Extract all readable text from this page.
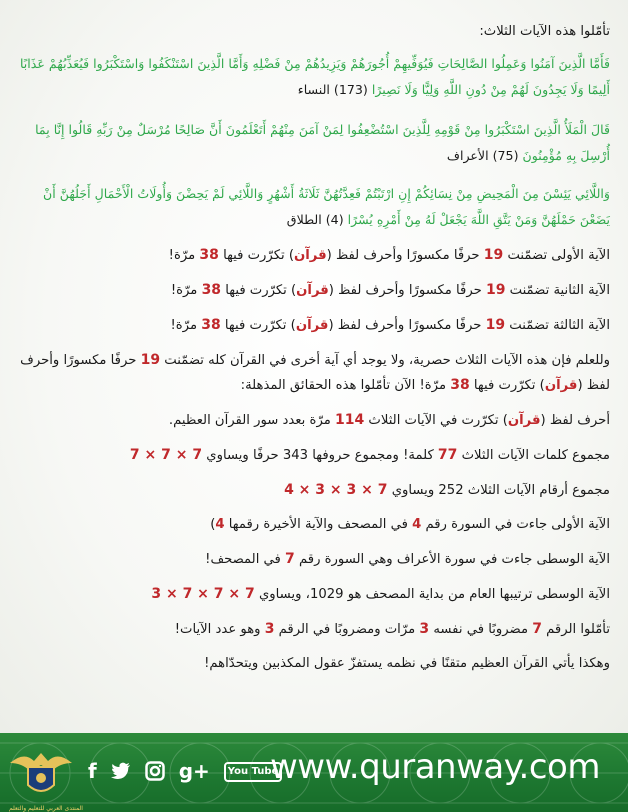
تأمّلوا هذه الآيات الثلاث:

فَأَمَّا الَّذِينَ آمَنُوا وَعَمِلُوا الصَّالِحَاتِ فَيُوَفِّيهِمْ أُجُورَهُمْ وَيَزِيدُهُمْ مِنْ فَضْلِهِ وَأَمَّا الَّذِينَ اسْتَنْكَفُوا وَاسْتَكْبَرُوا فَيُعَذِّبُهُمْ عَذَابًا أَلِيمًا وَلَا يَجِدُونَ لَهُمْ مِنْ دُونِ اللَّهِ وَلِيًّا وَلَا نَصِيرًا (173) النساء

قَالَ الْمَلَأُ الَّذِينَ اسْتَكْبَرُوا مِنْ قَوْمِهِ لِلَّذِينَ اسْتُضْعِفُوا لِمَنْ آمَنَ مِنْهُمْ أَتَعْلَمُونَ أَنَّ صَالِحًا مُرْسَلٌ مِنْ رَبِّهِ قَالُوا إِنَّا بِمَا أُرْسِلَ بِهِ مُؤْمِنُونَ (75) الأعراف

وَاللَّائِي يَئِسْنَ مِنَ الْمَحِيضِ مِنْ نِسَائِكُمْ إِنِ ارْتَبْتُمْ فَعِدَّتُهُنَّ ثَلَاثَةُ أَشْهُرٍ وَاللَّائِي لَمْ يَحِضْنَ وَأُولَاتُ الْأَحْمَالِ أَجَلُهُنَّ أَنْ يَضَعْنَ حَمْلَهُنَّ وَمَنْ يَتَّقِ اللَّهَ يَجْعَلْ لَهُ مِنْ أَمْرِهِ يُسْرًا (4) الطلاق

الآية الأولى تضمّنت 19 حرفًا مكسورًا وأحرف لفظ (قرآن) تكرّرت فيها 38 مرّة!

الآية الثانية تضمّنت 19 حرفًا مكسورًا وأحرف لفظ (قرآن) تكرّرت فيها 38 مرّة!

الآية الثالثة تضمّنت 19 حرفًا مكسورًا وأحرف لفظ (قرآن) تكرّرت فيها 38 مرّة!

وللعلم فإن هذه الآيات الثلاث حصرية، ولا يوجد أي آية أخرى في القرآن كله تضمّنت 19 حرفًا مكسورًا وأحرف لفظ (قرآن) تكرّرت فيها 38 مرّة! الآن تأمّلوا هذه الحقائق المذهلة:

أحرف لفظ (قرآن) تكرّرت في الآيات الثلاث 114 مرّة بعدد سور القرآن العظيم.

مجموع كلمات الآيات الثلاث 77 كلمة! ومجموع حروفها 343 حرفًا ويساوي 7 × 7 × 7

مجموع أرقام الآيات الثلاث 252 ويساوي 7 × 3 × 3 × 4

الآية الأولى جاءت في السورة رقم 4 في المصحف والآية الأخيرة رقمها 4)

الآية الوسطى جاءت في سورة الأعراف وهي السورة رقم 7 في المصحف!

الآية الوسطى ترتيبها العام من بداية المصحف هو 1029، ويساوي 7 × 7 × 7 × 3

تأمّلوا الرقم 7 مضروبًا في نفسه 3 مرّات ومضروبًا في الرقم 3 وهو عدد الآيات!

وهكذا يأتي القرآن العظيم متقنًا في نظمه يستفزّ عقول المكذبين ويتحدّاهم!

المنتدى العربي للتعليم والتعلم
f	g+	You Tube
www.quranway.com
